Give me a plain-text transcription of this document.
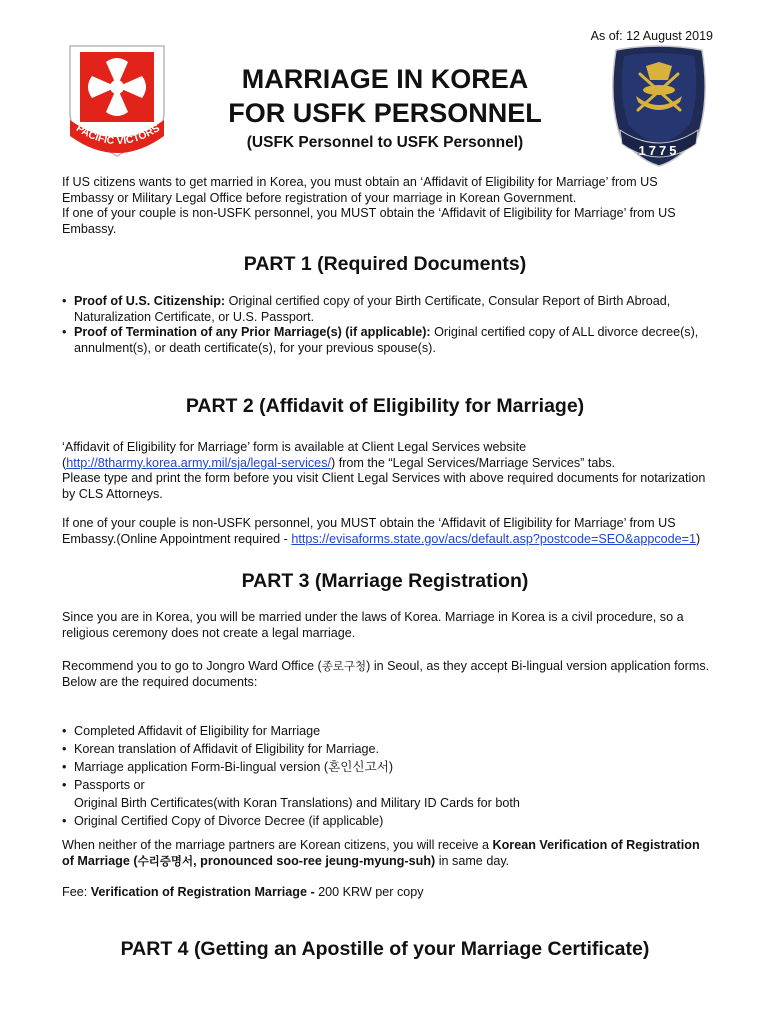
As of: 12 August 2019
PACIFIC VICTORS
1775
MARRIAGE IN KOREA
FOR USFK PERSONNEL
(USFK Personnel to USFK Personnel)
If US citizens wants to get married in Korea, you must obtain an ‘Affidavit of Eligibility for Marriage’ from US Embassy or Military Legal Office before registration of your marriage in Korean Government.
If one of your couple is non-USFK personnel, you MUST obtain the ‘Affidavit of Eligibility for Marriage’ from US Embassy.
PART 1 (Required Documents)
• Proof of U.S. Citizenship: Original certified copy of your Birth Certificate, Consular Report of Birth Abroad, Naturalization Certificate, or U.S. Passport.
• Proof of Termination of any Prior Marriage(s) (if applicable): Original certified copy of ALL divorce decree(s), annulment(s), or death certificate(s), for your previous spouse(s).
PART 2 (Affidavit of Eligibility for Marriage)
‘Affidavit of Eligibility for Marriage’ form is available at Client Legal Services website (http://8tharmy.korea.army.mil/sja/legal-services/) from the “Legal Services/Marriage Services” tabs.
Please type and print the form before you visit Client Legal Services with above required documents for notarization by CLS Attorneys.
If one of your couple is non-USFK personnel, you MUST obtain the ‘Affidavit of Eligibility for Marriage’ from US Embassy.(Online Appointment required - https://evisaforms.state.gov/acs/default.asp?postcode=SEO&appcode=1)
PART 3 (Marriage Registration)
Since you are in Korea, you will be married under the laws of Korea. Marriage in Korea is a civil procedure, so a religious ceremony does not create a legal marriage.
Recommend you to go to Jongro Ward Office (종로구청) in Seoul, as they accept Bi-lingual version application forms.
Below are the required documents:
• Completed Affidavit of Eligibility for Marriage
• Korean translation of Affidavit of Eligibility for Marriage.
• Marriage application Form-Bi-lingual version (혼인신고서)
• Passports or
Original Birth Certificates(with Koran Translations) and Military ID Cards for both
• Original Certified Copy of Divorce Decree (if applicable)
When neither of the marriage partners are Korean citizens, you will receive a Korean Verification of Registration of Marriage (수리증명서, pronounced soo-ree jeung-myung-suh) in same day.
Fee: Verification of Registration Marriage - 200 KRW per copy
PART 4 (Getting an Apostille of your Marriage Certificate)
